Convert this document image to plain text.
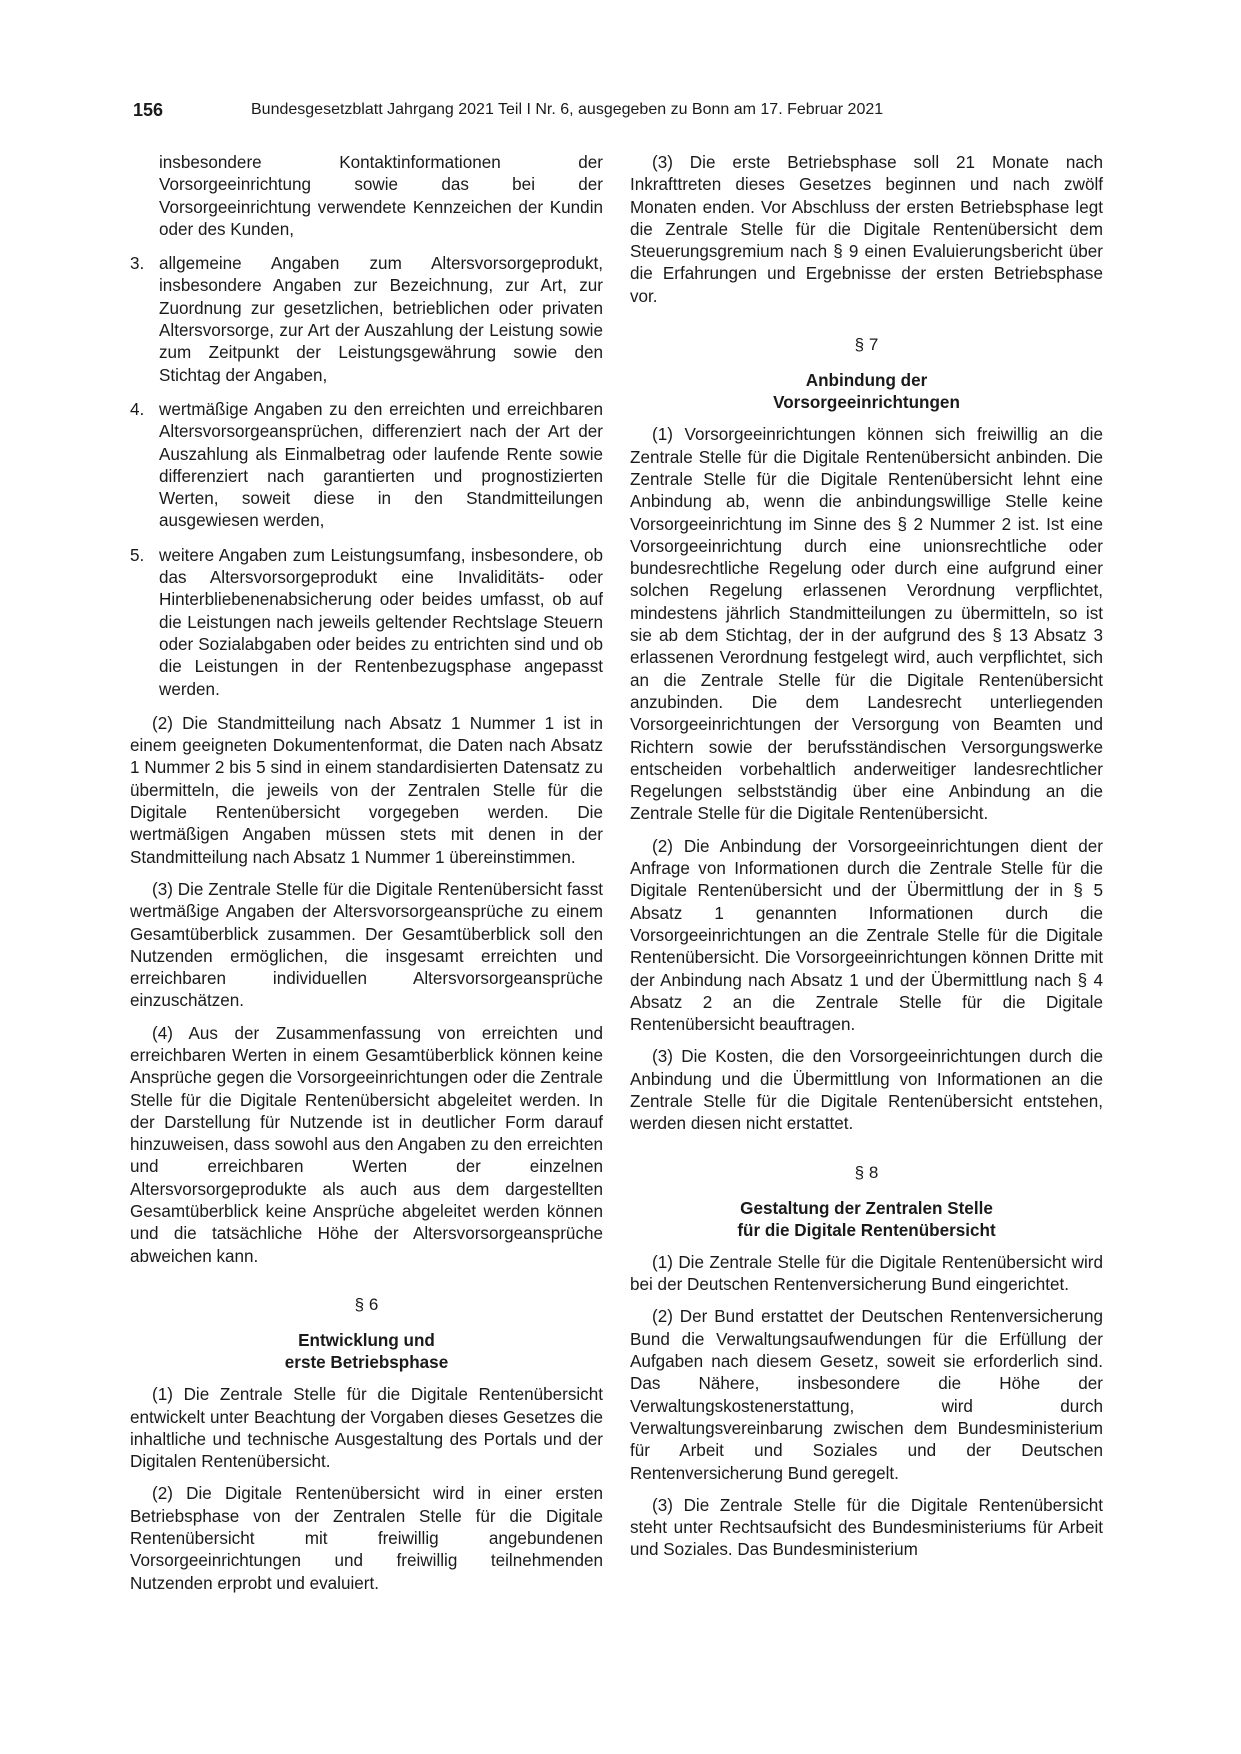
156	Bundesgesetzblatt Jahrgang 2021 Teil I Nr. 6, ausgegeben zu Bonn am 17. Februar 2021
insbesondere Kontaktinformationen der Vorsorgeeinrichtung sowie das bei der Vorsorgeeinrichtung verwendete Kennzeichen der Kundin oder des Kunden,
3. allgemeine Angaben zum Altersvorsorgeprodukt, insbesondere Angaben zur Bezeichnung, zur Art, zur Zuordnung zur gesetzlichen, betrieblichen oder privaten Altersvorsorge, zur Art der Auszahlung der Leistung sowie zum Zeitpunkt der Leistungsgewährung sowie den Stichtag der Angaben,
4. wertmäßige Angaben zu den erreichten und erreichbaren Altersvorsorgeansprüchen, differenziert nach der Art der Auszahlung als Einmalbetrag oder laufende Rente sowie differenziert nach garantierten und prognostizierten Werten, soweit diese in den Standmitteilungen ausgewiesen werden,
5. weitere Angaben zum Leistungsumfang, insbesondere, ob das Altersvorsorgeprodukt eine Invaliditäts- oder Hinterbliebenenabsicherung oder beides umfasst, ob auf die Leistungen nach jeweils geltender Rechtslage Steuern oder Sozialabgaben oder beides zu entrichten sind und ob die Leistungen in der Rentenbezugsphase angepasst werden.

(2) Die Standmitteilung nach Absatz 1 Nummer 1 ist in einem geeigneten Dokumentenformat, die Daten nach Absatz 1 Nummer 2 bis 5 sind in einem standardisierten Datensatz zu übermitteln, die jeweils von der Zentralen Stelle für die Digitale Rentenübersicht vorgegeben werden. Die wertmäßigen Angaben müssen stets mit denen in der Standmitteilung nach Absatz 1 Nummer 1 übereinstimmen.

(3) Die Zentrale Stelle für die Digitale Rentenübersicht fasst wertmäßige Angaben der Altersvorsorgeansprüche zu einem Gesamtüberblick zusammen. Der Gesamtüberblick soll den Nutzenden ermöglichen, die insgesamt erreichten und erreichbaren individuellen Altersvorsorgeansprüche einzuschätzen.

(4) Aus der Zusammenfassung von erreichten und erreichbaren Werten in einem Gesamtüberblick können keine Ansprüche gegen die Vorsorgeeinrichtungen oder die Zentrale Stelle für die Digitale Rentenübersicht abgeleitet werden. In der Darstellung für Nutzende ist in deutlicher Form darauf hinzuweisen, dass sowohl aus den Angaben zu den erreichten und erreichbaren Werten der einzelnen Altersvorsorgeprodukte als auch aus dem dargestellten Gesamtüberblick keine Ansprüche abgeleitet werden können und die tatsächliche Höhe der Altersvorsorgeansprüche abweichen kann.

§ 6
Entwicklung und
erste Betriebsphase

(1) Die Zentrale Stelle für die Digitale Rentenübersicht entwickelt unter Beachtung der Vorgaben dieses Gesetzes die inhaltliche und technische Ausgestaltung des Portals und der Digitalen Rentenübersicht.

(2) Die Digitale Rentenübersicht wird in einer ersten Betriebsphase von der Zentralen Stelle für die Digitale Rentenübersicht mit freiwillig angebundenen Vorsorgeeinrichtungen und freiwillig teilnehmenden Nutzenden erprobt und evaluiert.

(3) Die erste Betriebsphase soll 21 Monate nach Inkrafttreten dieses Gesetzes beginnen und nach zwölf Monaten enden. Vor Abschluss der ersten Betriebsphase legt die Zentrale Stelle für die Digitale Rentenübersicht dem Steuerungsgremium nach § 9 einen Evaluierungsbericht über die Erfahrungen und Ergebnisse der ersten Betriebsphase vor.

§ 7
Anbindung der
Vorsorgeeinrichtungen

(1) Vorsorgeeinrichtungen können sich freiwillig an die Zentrale Stelle für die Digitale Rentenübersicht anbinden. Die Zentrale Stelle für die Digitale Rentenübersicht lehnt eine Anbindung ab, wenn die anbindungswillige Stelle keine Vorsorgeeinrichtung im Sinne des § 2 Nummer 2 ist. Ist eine Vorsorgeeinrichtung durch eine unionsrechtliche oder bundesrechtliche Regelung oder durch eine aufgrund einer solchen Regelung erlassenen Verordnung verpflichtet, mindestens jährlich Standmitteilungen zu übermitteln, so ist sie ab dem Stichtag, der in der aufgrund des § 13 Absatz 3 erlassenen Verordnung festgelegt wird, auch verpflichtet, sich an die Zentrale Stelle für die Digitale Rentenübersicht anzubinden. Die dem Landesrecht unterliegenden Vorsorgeeinrichtungen der Versorgung von Beamten und Richtern sowie der berufsständischen Versorgungswerke entscheiden vorbehaltlich anderweitiger landesrechtlicher Regelungen selbstständig über eine Anbindung an die Zentrale Stelle für die Digitale Rentenübersicht.

(2) Die Anbindung der Vorsorgeeinrichtungen dient der Anfrage von Informationen durch die Zentrale Stelle für die Digitale Rentenübersicht und der Übermittlung der in § 5 Absatz 1 genannten Informationen durch die Vorsorgeeinrichtungen an die Zentrale Stelle für die Digitale Rentenübersicht. Die Vorsorgeeinrichtungen können Dritte mit der Anbindung nach Absatz 1 und der Übermittlung nach § 4 Absatz 2 an die Zentrale Stelle für die Digitale Rentenübersicht beauftragen.

(3) Die Kosten, die den Vorsorgeeinrichtungen durch die Anbindung und die Übermittlung von Informationen an die Zentrale Stelle für die Digitale Rentenübersicht entstehen, werden diesen nicht erstattet.

§ 8
Gestaltung der Zentralen Stelle
für die Digitale Rentenübersicht

(1) Die Zentrale Stelle für die Digitale Rentenübersicht wird bei der Deutschen Rentenversicherung Bund eingerichtet.

(2) Der Bund erstattet der Deutschen Rentenversicherung Bund die Verwaltungsaufwendungen für die Erfüllung der Aufgaben nach diesem Gesetz, soweit sie erforderlich sind. Das Nähere, insbesondere die Höhe der Verwaltungskostenerstattung, wird durch Verwaltungsvereinbarung zwischen dem Bundesministerium für Arbeit und Soziales und der Deutschen Rentenversicherung Bund geregelt.

(3) Die Zentrale Stelle für die Digitale Rentenübersicht steht unter Rechtsaufsicht des Bundesministeriums für Arbeit und Soziales. Das Bundesministerium
